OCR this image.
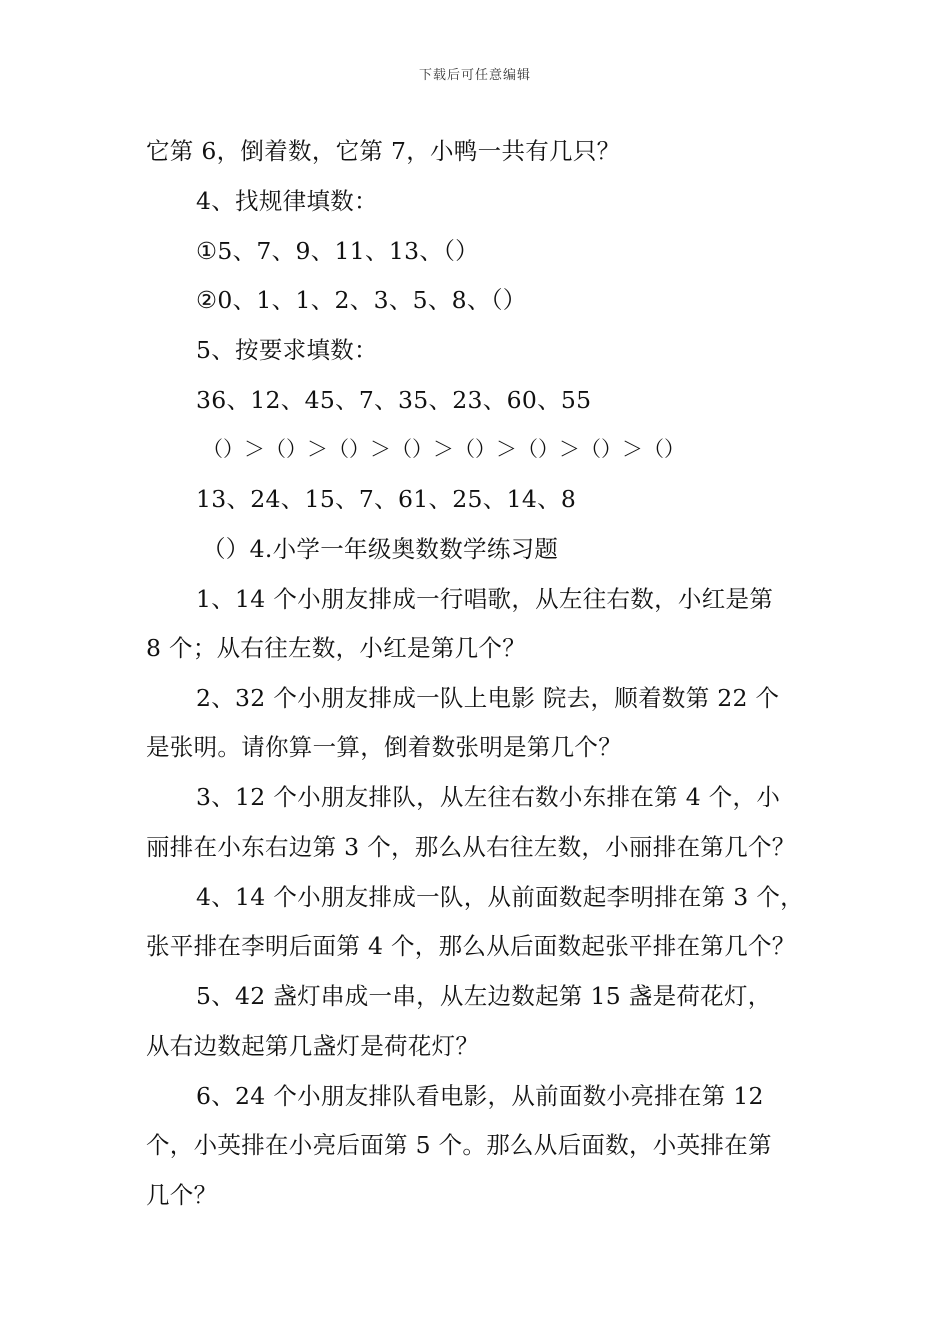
下载后可任意编辑
它第 6，倒着数，它第 7，小鸭一共有几只？
4、找规律填数：
①5、7、9、11、13、（）
②0、1、1、2、3、5、8、（）
5、按要求填数：
36、12、45、7、35、23、60、55
（）＞（）＞（）＞（）＞（）＞（）＞（）＞（）
13、24、15、7、61、25、14、8
（）4.小学一年级奥数数学练习题
1、14 个小朋友排成一行唱歌，从左往右数，小红是第
8 个；从右往左数，小红是第几个？
2、32 个小朋友排成一队上电影 院去，顺着数第 22 个
是张明。请你算一算，倒着数张明是第几个？
3、12 个小朋友排队，从左往右数小东排在第 4 个，小
丽排在小东右边第 3 个，那么从右往左数，小丽排在第几个？
4、14 个小朋友排成一队，从前面数起李明排在第 3 个，
张平排在李明后面第 4 个，那么从后面数起张平排在第几个？
5、42 盏灯串成一串，从左边数起第 15 盏是荷花灯，
从右边数起第几盏灯是荷花灯？
6、24 个小朋友排队看电影，从前面数小亮排在第 12
个，小英排在小亮后面第 5 个。那么从后面数，小英排在第
几个？
